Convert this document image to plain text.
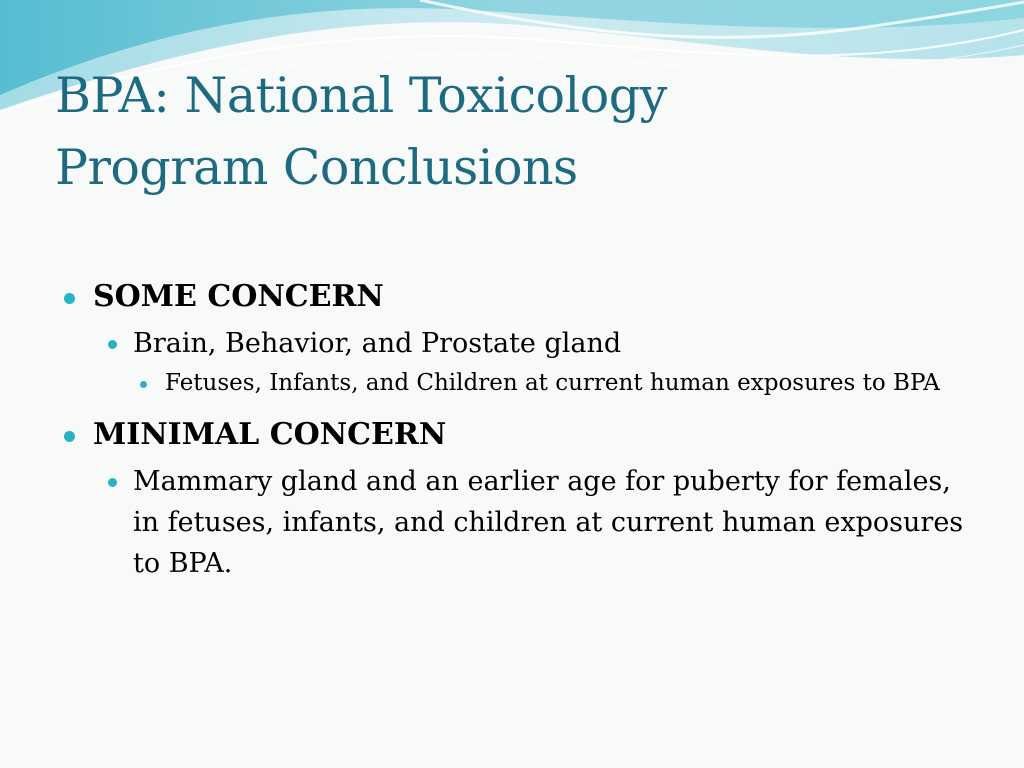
BPA: National Toxicology
Program Conclusions
SOME CONCERN
Brain, Behavior, and Prostate gland
Fetuses, Infants, and Children at current human exposures to BPA
MINIMAL CONCERN
Mammary gland and an earlier age for puberty for females, in fetuses, infants, and children at current human exposures to BPA.
